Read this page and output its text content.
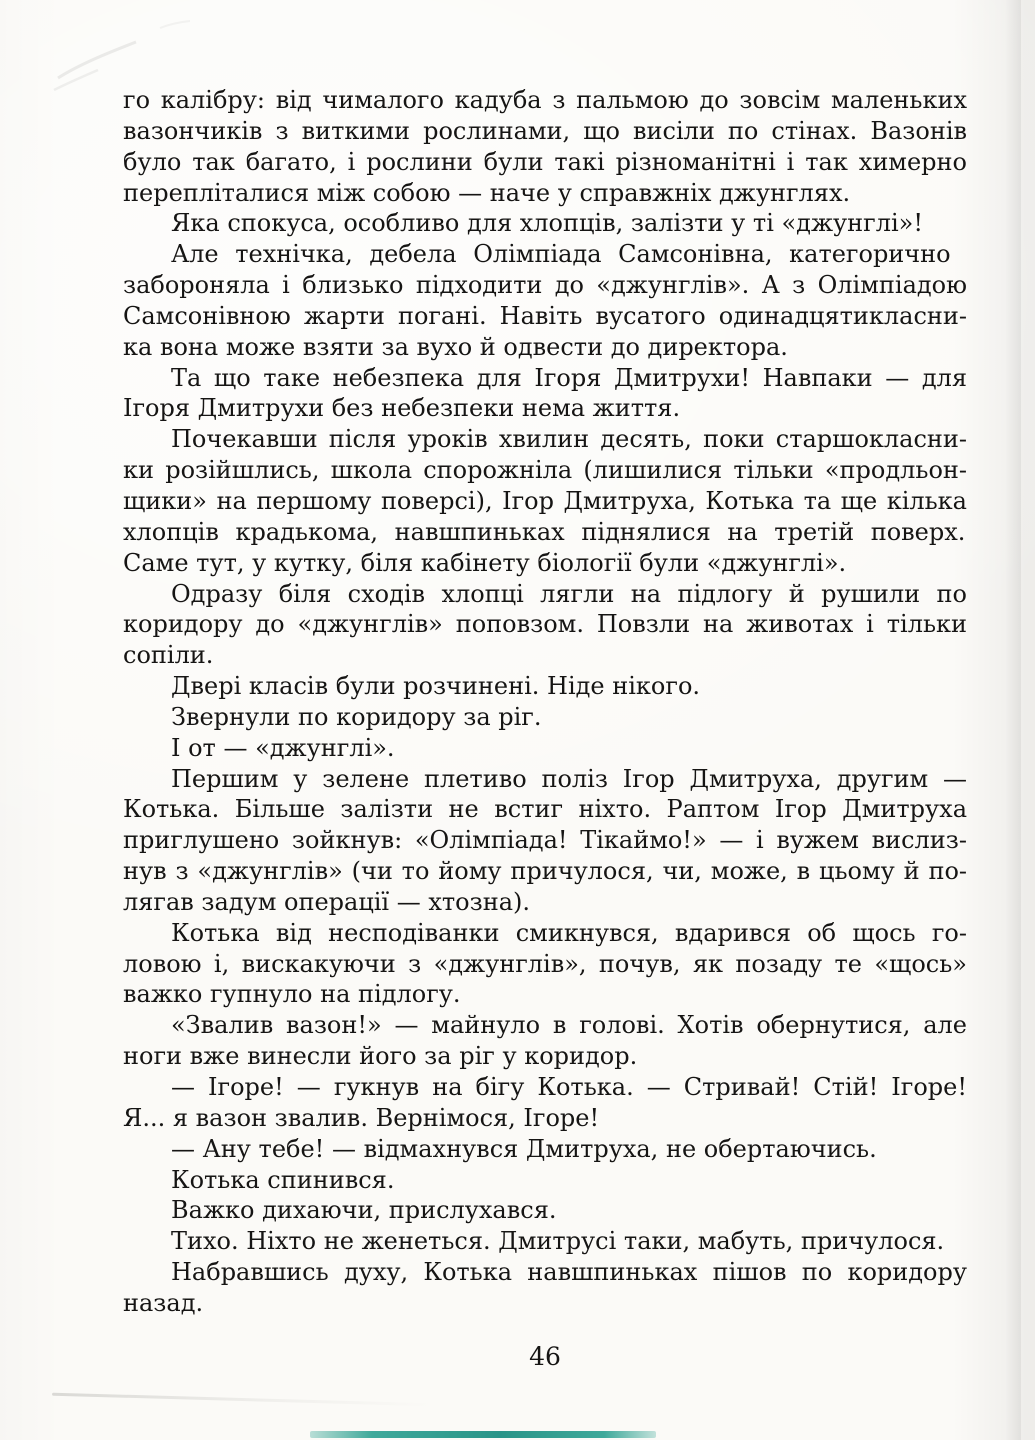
го калібру: від чималого кадуба з пальмою до зовсім маленьких
вазончиків з виткими рослинами, що висіли по стінах. Вазонів
було так багато, і рослини були такі різноманітні і так химерно
перепліталися між собою — наче у справжніх джунглях.
Яка спокуса, особливо для хлопців, залізти у ті «джунглі»!
Але технічка, дебела Олімпіада Самсонівна, категорично
забороняла і близько підходити до «джунглів». А з Олімпіадою
Самсонівною жарти погані. Навіть вусатого одинадцятикласни-
ка вона може взяти за вухо й одвести до директора.
Та що таке небезпека для Ігоря Дмитрухи! Навпаки — для
Ігоря Дмитрухи без небезпеки нема життя.
Почекавши після уроків хвилин десять, поки старшокласни-
ки розійшлись, школа спорожніла (лишилися тільки «продльон-
щики» на першому поверсі), Ігор Дмитруха, Котька та ще кілька
хлопців крадькома, навшпиньках піднялися на третій поверх.
Саме тут, у кутку, біля кабінету біології були «джунглі».
Одразу біля сходів хлопці лягли на підлогу й рушили по
коридору до «джунглів» поповзом. Повзли на животах і тільки
сопіли.
Двері класів були розчинені. Ніде нікого.
Звернули по коридору за ріг.
І от — «джунглі».
Першим у зелене плетиво поліз Ігор Дмитруха, другим —
Котька. Більше залізти не встиг ніхто. Раптом Ігор Дмитруха
приглушено зойкнув: «Олімпіада! Тікаймо!» — і вужем вислиз-
нув з «джунглів» (чи то йому причулося, чи, може, в цьому й по-
лягав задум операції — хтозна).
Котька від несподіванки смикнувся, вдарився об щось го-
ловою і, вискакуючи з «джунглів», почув, як позаду те «щось»
важко гупнуло на підлогу.
«Звалив вазон!» — майнуло в голові. Хотів обернутися, але
ноги вже винесли його за ріг у коридор.
— Ігоре! — гукнув на бігу Котька. — Стривай! Стій! Ігоре!
Я... я вазон звалив. Вернімося, Ігоре!
— Ану тебе! — відмахнувся Дмитруха, не обертаючись.
Котька спинився.
Важко дихаючи, прислухався.
Тихо. Ніхто не женеться. Дмитрусі таки, мабуть, причулося.
Набравшись духу, Котька навшпиньках пішов по коридору
назад.
46
